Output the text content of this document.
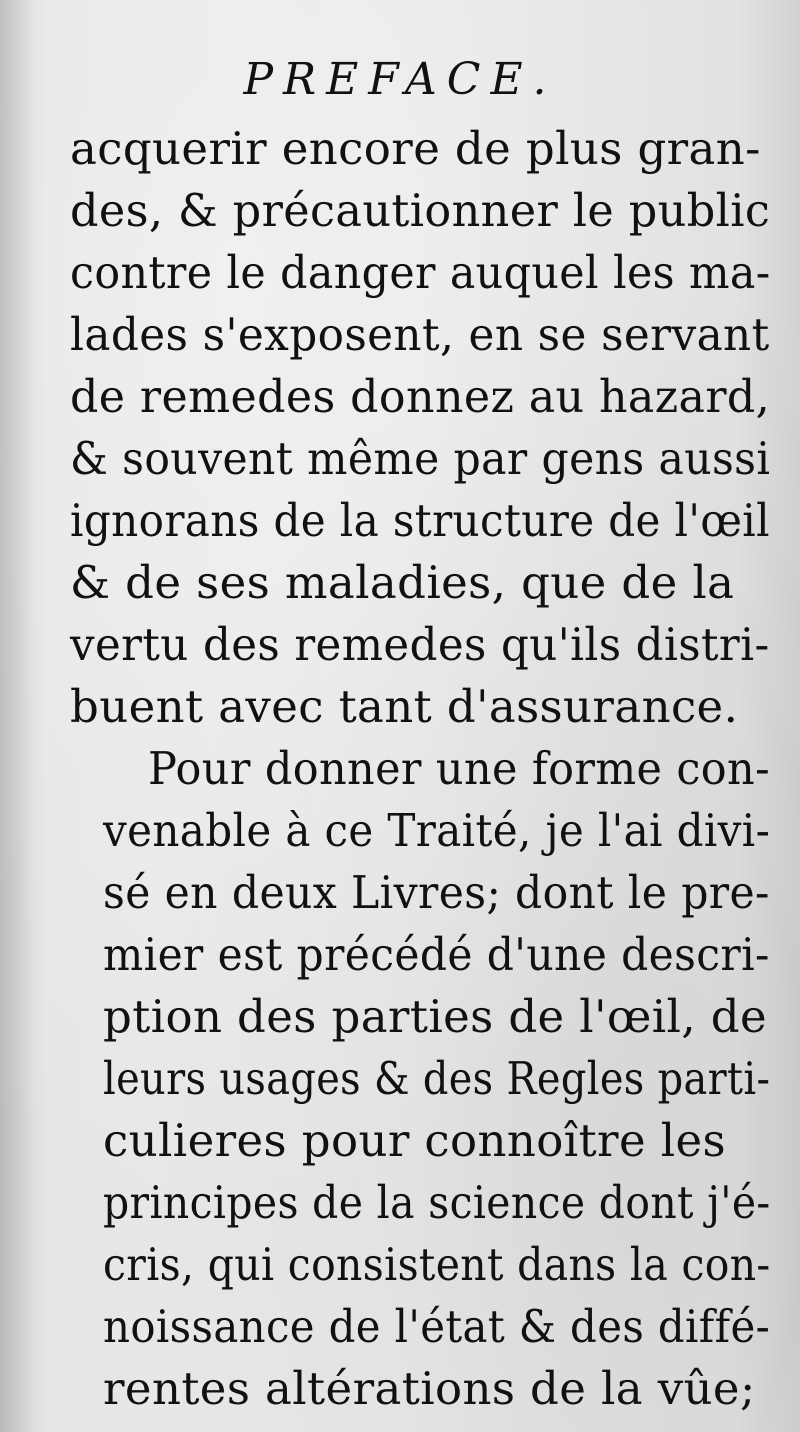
PREFACE.
acquerir encore de plus gran-
des, & précautionner le public
contre le danger auquel les ma-
lades s'exposent, en se servant
de remedes donnez au hazard,
& souvent même par gens aussi
ignorans de la structure de l'œil
& de ses maladies, que de la
vertu des remedes qu'ils distri-
buent avec tant d'assurance.
Pour donner une forme con-
venable à ce Traité, je l'ai divi-
sé en deux Livres; dont le pre-
mier est précédé d'une descri-
ption des parties de l'œil, de
leurs usages & des Regles parti-
culieres pour connoître les
principes de la science dont j'é-
cris, qui consistent dans la con-
noissance de l'état & des diffé-
rentes altérations de la vûe;
